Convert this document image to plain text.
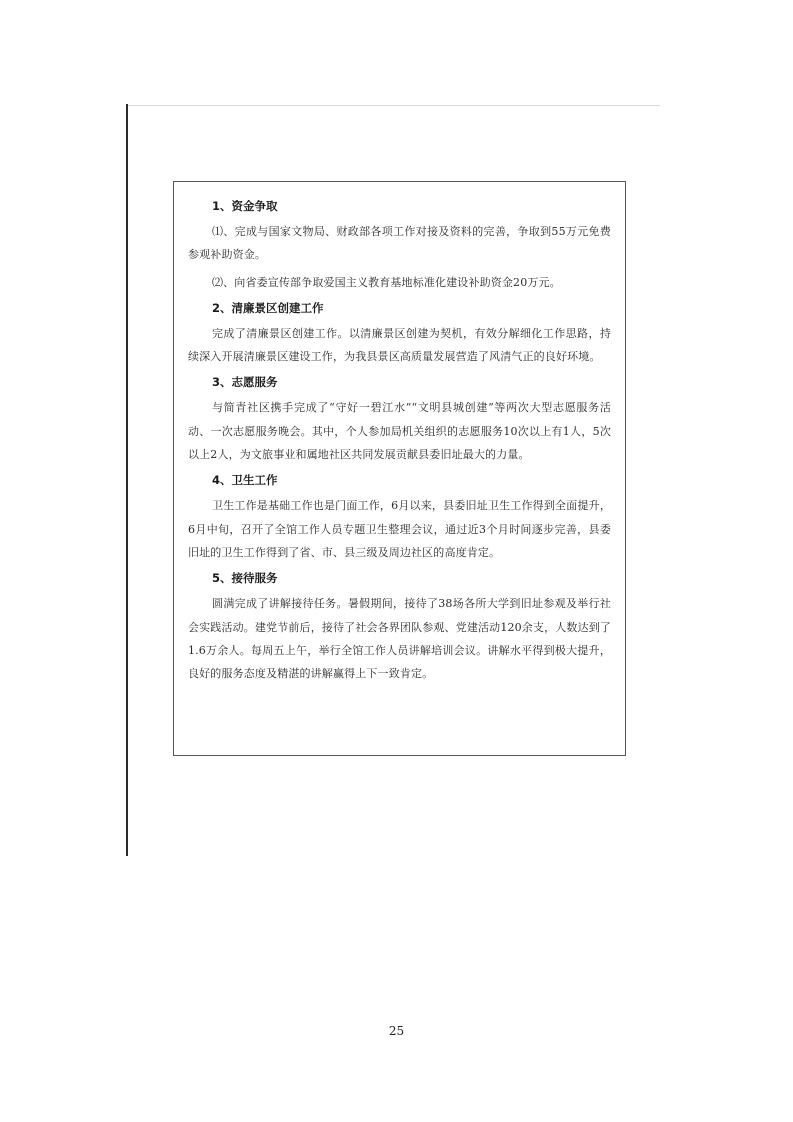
1、资金争取

⑴、完成与国家文物局、财政部各项工作对接及资料的完善，争取到55万元免费参观补助资金。

⑵、向省委宣传部争取爱国主义教育基地标准化建设补助资金20万元。

2、清廉景区创建工作

完成了清廉景区创建工作。以清廉景区创建为契机，有效分解细化工作思路，持续深入开展清廉景区建设工作，为我县景区高质量发展营造了风清气正的良好环境。

3、志愿服务

与简青社区携手完成了“守好一碧江水”“文明县城创建”等两次大型志愿服务活动、一次志愿服务晚会。其中，个人参加局机关组织的志愿服务10次以上有1人，5次以上2人，为文旅事业和属地社区共同发展贡献县委旧址最大的力量。

4、卫生工作

卫生工作是基础工作也是门面工作，6月以来，县委旧址卫生工作得到全面提升，6月中旬，召开了全馆工作人员专题卫生整理会议，通过近3个月时间逐步完善，县委旧址的卫生工作得到了省、市、县三级及周边社区的高度肯定。

5、接待服务

圆满完成了讲解接待任务。暑假期间，接待了38场各所大学到旧址参观及举行社会实践活动。建党节前后，接待了社会各界团队参观、党建活动120余支，人数达到了1.6万余人。每周五上午，举行全馆工作人员讲解培训会议。讲解水平得到极大提升，良好的服务态度及精湛的讲解赢得上下一致肯定。

25
